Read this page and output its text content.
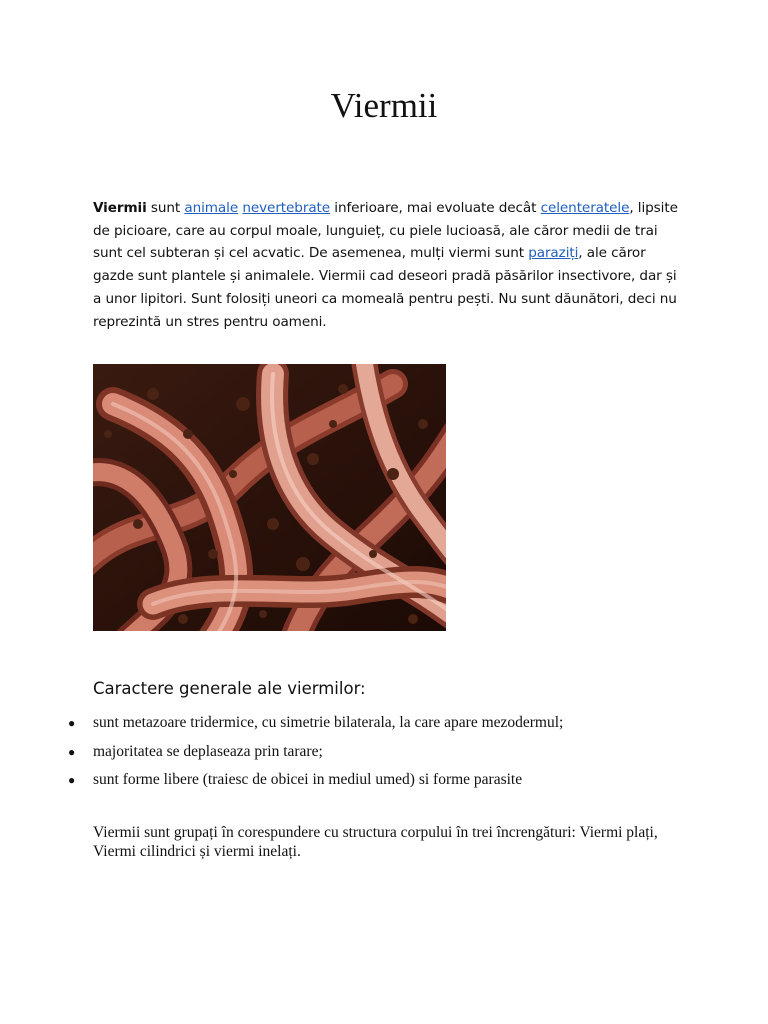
Viermii

Viermii sunt animale nevertebrate inferioare, mai evoluate decât celenteratele, lipsite de picioare, care au corpul moale, lunguieț, cu piele lucioasă, ale căror medii de trai sunt cel subteran și cel acvatic. De asemenea, mulți viermi sunt paraziți, ale căror gazde sunt plantele și animalele. Viermii cad deseori pradă păsărilor insectivore, dar și a unor lipitori. Sunt folosiți uneori ca momeală pentru pești. Nu sunt dăunători, deci nu reprezintă un stres pentru oameni.

Caractere generale ale viermilor:
● sunt metazoare tridermice, cu simetrie bilaterala, la care apare mezodermul;
● majoritatea se deplaseaza prin tarare;
● sunt forme libere (traiesc de obicei in mediul umed) si forme parasite

Viermii sunt grupați în corespundere cu structura corpului în trei încrengături: Viermi plați, Viermi cilindrici și viermi inelați.
